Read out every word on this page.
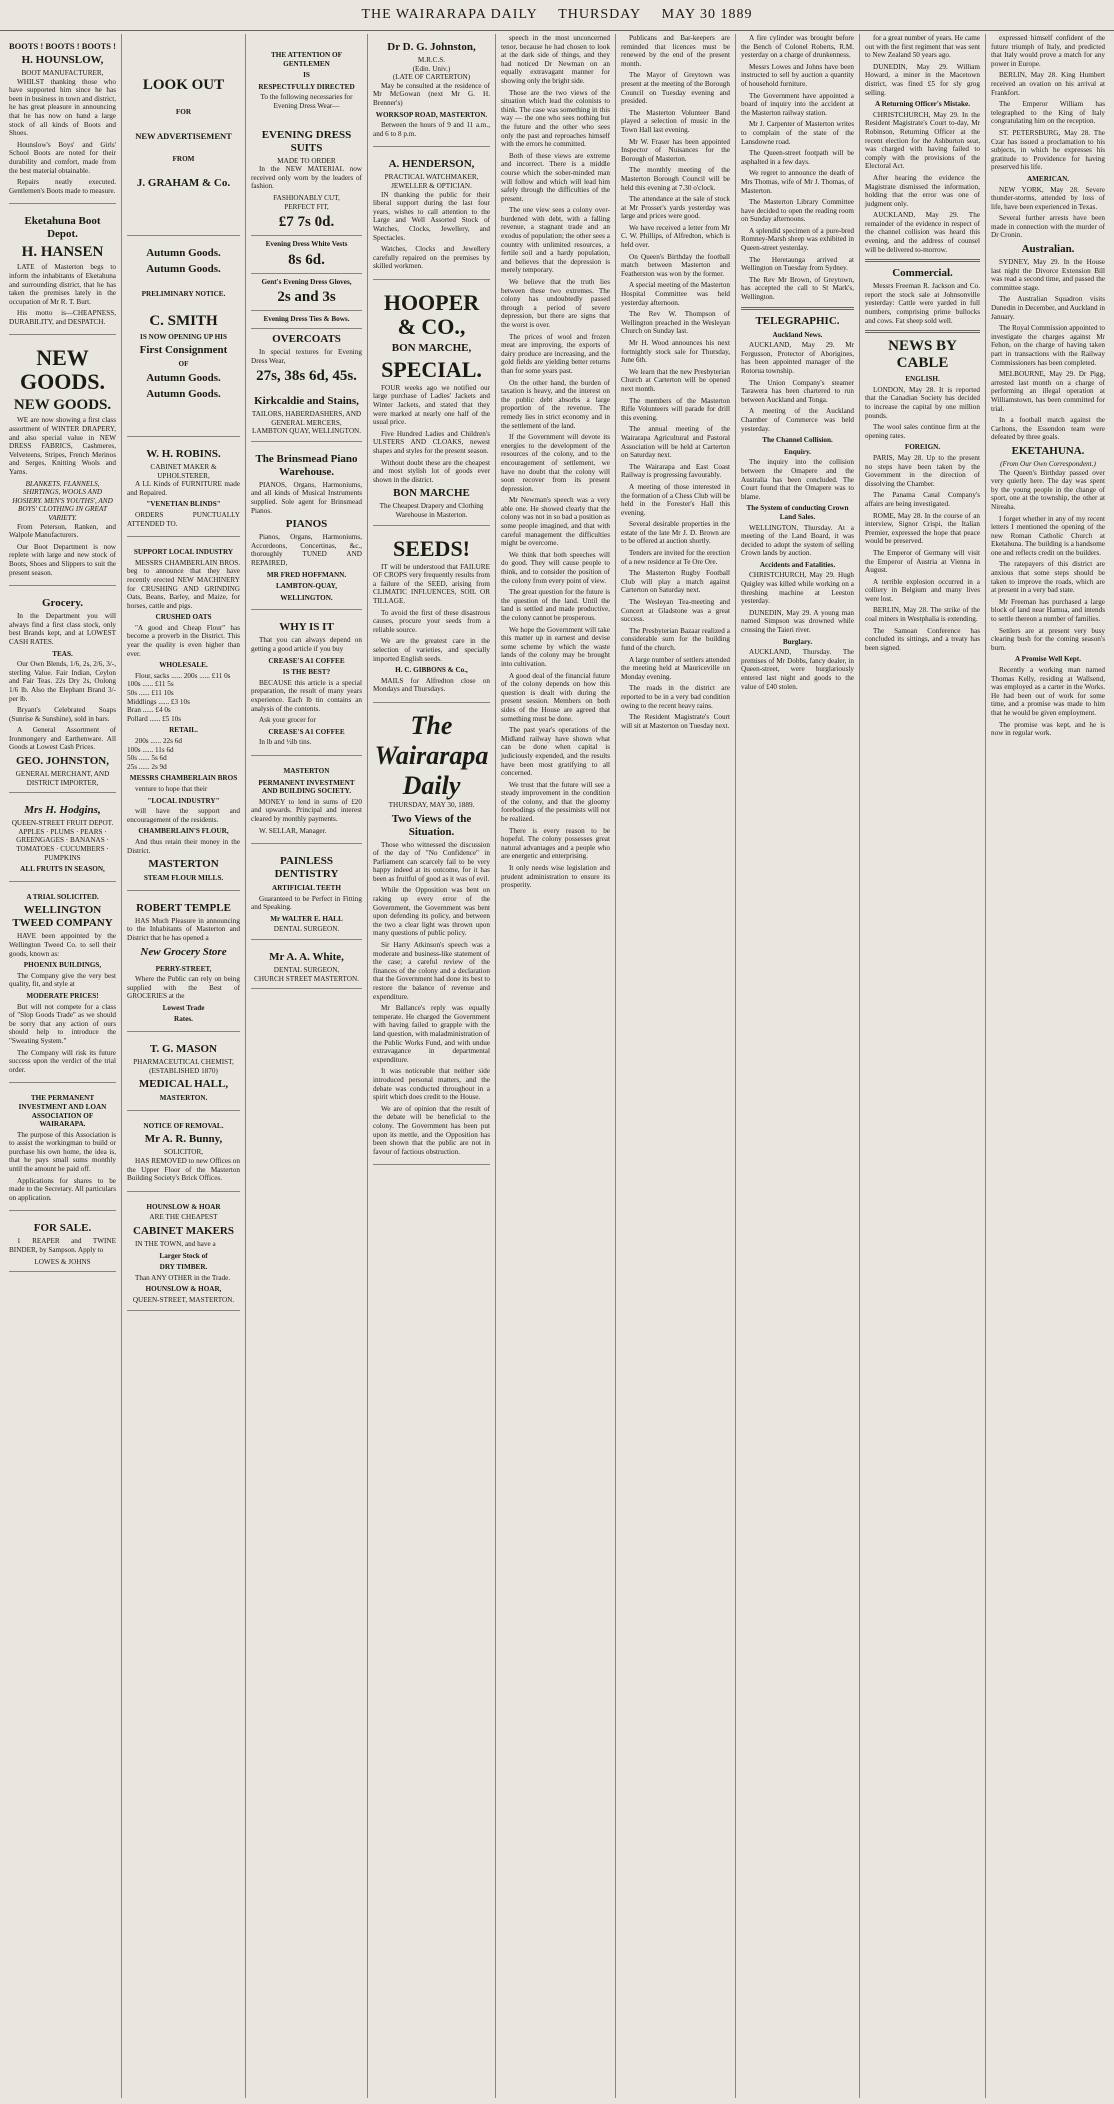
THE WAIRARAPA DAILY THURSDAY MAY 30 1889
BOOTS ! BOOTS ! BOOTS !
H. HOUNSLOW,
BOOT MANUFACTURER,

WHILST thanking those who have supported him since he has been in business in town and district, he has great pleasure in announcing that he has now on hand a large stock of all kinds of Boots and Shoes.

Hounslow's Boys' and Girls' School Boots are noted for their durability and comfort, made from the best material obtainable.

Repairs neatly executed. Gentlemen's Boots made to measure.

Eketahuna Boot Depot.
H. HANSEN

LATE of Masterton begs to inform the inhabitants of Eketahuna and surrounding district, that he has taken the premises lately in the occupation of Mr R. T. Burt.

His motto is—CHEAPNESS, DURABILITY, and DESPATCH.

NEW GOODS.
NEW GOODS.

WE are now showing a first class assortment of WINTER DRAPERY, and also special value in NEW DRESS FABRICS, Cashmeres, Velveteens, Stripes, French Merinos and Serges, Knitting Wools and Yarns.

BLANKETS. FLANNELS, SHIRTINGS, WOOLS AND HOSIERY. MEN'S YOUTHS', AND BOYS' CLOTHING IN GREAT VARIETY.

From Peterson, Ranken, and Walpole Manufacturers.

Our Boot Department is now replete with large and new stock of Boots, Shoes and Slippers to suit the present season.

Grocery.

In the Department you will always find a first class stock, only best Brands kept, and at LOWEST CASH RATES.

TEAS.

Our Own Blends, 1/6, 2s, 2/6, 3/-, sterling Value. Fair Indian, Ceylon and Fair Teas. 22s Dry 2s, Oolong 1/6 lb. Also the Elephant Brand 3/- per lb.

Bryant's Celebrated Soaps (Sunrise & Sunshine), sold in bars.

A General Assortment of Ironmongery and Earthenware. All Goods at Lowest Cash Prices.

GEO. JOHNSTON,
GENERAL MERCHANT, AND DISTRICT IMPORTER,
Mrs H. Hodgins,
QUEEN-STREET FRUIT DEPOT.
APPLES · PLUMS · PEARS · GREENGAGES · BANANAS · TOMATOES · CUCUMBERS · PUMPKINS
ALL FRUITS IN SEASON,
A TRIAL SOLICITED.
WELLINGTON TWEED COMPANY

HAVE been appointed by the Wellington Tweed Co. to sell their goods, known as:

PHOENIX BUILDINGS,

The Company give the very best quality, fit, and style at

MODERATE PRICES!

But will not compete for a class of "Slop Goods Trade" as we should be sorry that any action of ours should help to introduce the "Sweating System."

The Company will risk its future success upon the verdict of the trial order.

THE PERMANENT INVESTMENT AND LOAN ASSOCIATION OF WAIRARAPA.

The purpose of this Association is to assist the workingman to build or purchase his own home, the idea is, that he pays small sums monthly until the amount be paid off.

Applications for shares to be made to the Secretary. All particulars on application.

FOR SALE.

1 REAPER and TWINE BINDER, by Sampson. Apply to

LOWES & JOHNS
LOOK OUT
FOR
NEW ADVERTISEMENT
FROM
J. GRAHAM & Co.
Autumn Goods.
Autumn Goods.
PRELIMINARY NOTICE.
C. SMITH
IS NOW OPENING UP HIS
First Consignment
OF
Autumn Goods.
Autumn Goods.
W. H. ROBINS.
CABINET MAKER & UPHOLSTERER,

A LL Kinds of FURNITURE made and Repaired.

"VENETIAN BLINDS"

ORDERS PUNCTUALLY ATTENDED TO.

SUPPORT LOCAL INDUSTRY

MESSRS CHAMBERLAIN BROS. beg to announce that they have recently erected NEW MACHINERY for CRUSHING AND GRINDING Oats, Beans, Barley, and Maize, for horses, cattle and pigs.

CRUSHED OATS

"A good and Cheap Flour" has become a proverb in the District. This year the quality is even higher than ever.

WHOLESALE.

Flour, sacks ...... 200s ...... £11 0s
100s ...... £11 5s
50s ...... £11 10s
Middlings ...... £3 10s
Bran ...... £4 0s
Pollard ...... £5 10s

RETAIL.

200s ...... 22s 6d
100s ...... 11s 6d
50s ...... 5s 6d
25s ...... 2s 9d

MESSRS CHAMBERLAIN BROS

venture to hope that their

"LOCAL INDUSTRY"

will have the support and encouragement of the residents.

CHAMBERLAIN'S FLOUR,

And thus retain their money in the District.

MASTERTON
STEAM FLOUR MILLS.
ROBERT TEMPLE

HAS Much Pleasure in announcing to the Inhabitants of Masterton and District that he has opened a

New Grocery Store
PERRY-STREET,

Where the Public can rely on being supplied with the Best of GROCERIES at the

Lowest Trade
Rates.
T. G. MASON
PHARMACEUTICAL CHEMIST,
(ESTABLISHED 1870)
MEDICAL HALL,
MASTERTON.
NOTICE OF REMOVAL.
Mr A. R. Bunny,
SOLICITOR,

HAS REMOVED to new Offices on the Upper Floor of the Masterton Building Society's Brick Offices.

HOUNSLOW & HOAR
ARE THE CHEAPEST
CABINET MAKERS

IN THE TOWN, and have a

Larger Stock of
DRY TIMBER.

Than ANY OTHER in the Trade.

HOUNSLOW & HOAR,
QUEEN-STREET, MASTERTON.
THE ATTENTION OF GENTLEMEN
IS
RESPECTFULLY DIRECTED
To the following necessaries for Evening Dress Wear—
EVENING DRESS SUITS
MADE TO ORDER

In the NEW MATERIAL now received only worn by the leaders of fashion.

FASHIONABLY CUT,
PERFECT FIT,
£7 7s 0d.
Evening Dress White Vests
8s 6d.
Gent's Evening Dress Gloves,
2s and 3s
Evening Dress Ties & Bows.
OVERCOATS

In special textures for Evening Dress Wear,

27s, 38s 6d, 45s.
Kirkcaldie and Stains,
TAILORS, HABERDASHERS, AND GENERAL MERCERS,
LAMBTON QUAY, WELLINGTON.
The Brinsmead Piano Warehouse.

PIANOS, Organs, Harmoniums, and all kinds of Musical Instruments supplied. Sole agent for Brinsmead Pianos.

PIANOS

Pianos, Organs, Harmoniums, Accordeons, Concertinas, &c., thoroughly TUNED AND REPAIRED,

MR FRED HOFFMANN.
LAMBTON-QUAY,
WELLINGTON.
WHY IS IT

That you can always depend on getting a good article if you buy

CREASE'S A1 COFFEE
IS THE BEST?

BECAUSE this article is a special preparation, the result of many years experience. Each lb tin contains an analysis of the contents.

Ask your grocer for

CREASE'S A1 COFFEE

In lb and ½lb tins.

MASTERTON
PERMANENT INVESTMENT AND BUILDING SOCIETY.

MONEY to lend in sums of £20 and upwards. Principal and interest cleared by monthly payments.

W. SELLAR, Manager.

PAINLESS DENTISTRY
ARTIFICIAL TEETH

Guaranteed to be Perfect in Fitting and Speaking.

Mr WALTER E. HALL
DENTAL SURGEON.
Mr A. A. White,
DENTAL SURGEON,
CHURCH STREET MASTERTON.
Dr D. G. Johnston,
M.R.C.S.
(Edin. Univ.)
(LATE OF CARTERTON)

May be consulted at the residence of Mr McGowan (next Mr G. H. Brenner's)

WORKSOP ROAD, MASTERTON.

Between the hours of 9 and 11 a.m., and 6 to 8 p.m.

A. HENDERSON,
PRACTICAL WATCHMAKER, JEWELLER & OPTICIAN.

IN thanking the public for their liberal support during the last four years, wishes to call attention to the Large and Well Assorted Stock of Watches, Clocks, Jewellery, and Spectacles.

Watches, Clocks and Jewellery carefully repaired on the premises by skilled workmen.

HOOPER & CO.,
BON MARCHE,
SPECIAL.

FOUR weeks ago we notified our large purchase of Ladies' Jackets and Winter Jackets, and stated that they were marked at nearly one half of the usual price.

Five Hundred Ladies and Children's ULSTERS AND CLOAKS, newest shapes and styles for the present season.

Without doubt these are the cheapest and most stylish lot of goods ever shown in the district.

BON MARCHE
The Cheapest Drapery and Clothing Warehouse in Masterton.
SEEDS!

IT will be understood that FAILURE OF CROPS very frequently results from a failure of the SEED, arising from CLIMATIC INFLUENCES, SOIL OR TILLAGE.

To avoid the first of these disastrous causes, procure your seeds from a reliable source.

We are the greatest care in the selection of varieties, and specially imported English seeds.

H. C. GIBBONS & Co.,

MAILS for Alfredton close on Mondays and Thursdays.

The Wairarapa Daily
THURSDAY, MAY 30, 1889.
Two Views of the Situation.

Those who witnessed the discussion of the day of "No Confidence" in Parliament can scarcely fail to be very happy indeed at its outcome, for it has been as fruitful of good as it was of evil.

While the Opposition was bent on raking up every error of the Government, the Government was bent upon defending its policy, and between the two a clear light was thrown upon many questions of public policy.

Sir Harry Atkinson's speech was a moderate and business-like statement of the case; a careful review of the finances of the colony and a declaration that the Government had done its best to restore the balance of revenue and expenditure.

Mr Ballance's reply was equally temperate. He charged the Government with having failed to grapple with the land question, with maladministration of the Public Works Fund, and with undue extravagance in departmental expenditure.

It was noticeable that neither side introduced personal matters, and the debate was conducted throughout in a spirit which does credit to the House.

We are of opinion that the result of the debate will be beneficial to the colony. The Government has been put upon its mettle, and the Opposition has been shown that the public are not in favour of factious obstruction.

speech in the most unconcerned tenor, because he had chosen to look at the dark side of things, and they had noticed Dr Newman on an equally extravagant manner for showing only the bright side.

Those are the two views of the situation which lead the colonists to think. The case was something in this way — the one who sees nothing but the future and the other who sees only the past and reproaches himself with the errors he committed.

Both of these views are extreme and incorrect. There is a middle course which the sober-minded man will follow and which will lead him safely through the difficulties of the present.

The one view sees a colony over-burdened with debt, with a falling revenue, a stagnant trade and an exodus of population; the other sees a country with unlimited resources, a fertile soil and a hardy population, and believes that the depression is merely temporary.

We believe that the truth lies between these two extremes. The colony has undoubtedly passed through a period of severe depression, but there are signs that the worst is over.

The prices of wool and frozen meat are improving, the exports of dairy produce are increasing, and the gold fields are yielding better returns than for some years past.

On the other hand, the burden of taxation is heavy, and the interest on the public debt absorbs a large proportion of the revenue. The remedy lies in strict economy and in the settlement of the land.

If the Government will devote its energies to the development of the resources of the colony, and to the encouragement of settlement, we have no doubt that the colony will soon recover from its present depression.

Mr Newman's speech was a very able one. He showed clearly that the colony was not in so bad a position as some people imagined, and that with careful management the difficulties might be overcome.

We think that both speeches will do good. They will cause people to think, and to consider the position of the colony from every point of view.

The great question for the future is the question of the land. Until the land is settled and made productive, the colony cannot be prosperous.

We hope the Government will take this matter up in earnest and devise some scheme by which the waste lands of the colony may be brought into cultivation.

A good deal of the financial future of the colony depends on how this question is dealt with during the present session. Members on both sides of the House are agreed that something must be done.

The past year's operations of the Midland railway have shown what can be done when capital is judiciously expended, and the results have been most gratifying to all concerned.

We trust that the future will see a steady improvement in the condition of the colony, and that the gloomy forebodings of the pessimists will not be realized.

There is every reason to be hopeful. The colony possesses great natural advantages and a people who are energetic and enterprising.

It only needs wise legislation and prudent administration to ensure its prosperity.

Publicans and Bar-keepers are reminded that licences must be renewed by the end of the present month.

The Mayor of Greytown was present at the meeting of the Borough Council on Tuesday evening and presided.

The Masterton Volunteer Band played a selection of music in the Town Hall last evening.

Mr W. Fraser has been appointed Inspector of Nuisances for the Borough of Masterton.

The monthly meeting of the Masterton Borough Council will be held this evening at 7.30 o'clock.

The attendance at the sale of stock at Mr Prosser's yards yesterday was large and prices were good.

We have received a letter from Mr C. W. Phillips, of Alfredton, which is held over.

On Queen's Birthday the football match between Masterton and Featherston was won by the former.

A special meeting of the Masterton Hospital Committee was held yesterday afternoon.

The Rev W. Thompson of Wellington preached in the Wesleyan Church on Sunday last.

Mr H. Wood announces his next fortnightly stock sale for Thursday, June 6th.

We learn that the new Presbyterian Church at Carterton will be opened next month.

The members of the Masterton Rifle Volunteers will parade for drill this evening.

The annual meeting of the Wairarapa Agricultural and Pastoral Association will be held at Carterton on Saturday next.

The Wairarapa and East Coast Railway is progressing favourably.

A meeting of those interested in the formation of a Chess Club will be held in the Forester's Hall this evening.

Several desirable properties in the estate of the late Mr J. D. Brown are to be offered at auction shortly.

Tenders are invited for the erection of a new residence at Te Ore Ore.

The Masterton Rugby Football Club will play a match against Carterton on Saturday next.

The Wesleyan Tea-meeting and Concert at Gladstone was a great success.

The Presbyterian Bazaar realized a considerable sum for the building fund of the church.

A large number of settlers attended the meeting held at Mauriceville on Monday evening.

The roads in the district are reported to be in a very bad condition owing to the recent heavy rains.

The Resident Magistrate's Court will sit at Masterton on Tuesday next.

A fire cylinder was brought before the Bench of Colonel Roberts, R.M. yesterday on a charge of drunkenness.

Messrs Lowes and Johns have been instructed to sell by auction a quantity of household furniture.

The Government have appointed a board of inquiry into the accident at the Masterton railway station.

Mr J. Carpenter of Masterton writes to complain of the state of the Lansdowne road.

The Queen-street footpath will be asphalted in a few days.

We regret to announce the death of Mrs Thomas, wife of Mr J. Thomas, of Masterton.

The Masterton Library Committee have decided to open the reading room on Sunday afternoons.

A splendid specimen of a pure-bred Romney-Marsh sheep was exhibited in Queen-street yesterday.

The Heretaunga arrived at Wellington on Tuesday from Sydney.

The Rev Mr Brown, of Greytown, has accepted the call to St Mark's, Wellington.

TELEGRAPHIC.
Auckland News.

AUCKLAND, May 29. Mr Fergusson, Protector of Aborigines, has been appointed manager of the Rotorua township.

The Union Company's steamer Tarawera has been chartered to run between Auckland and Tonga.

A meeting of the Auckland Chamber of Commerce was held yesterday.

The Channel Collision.
Enquiry.

The inquiry into the collision between the Omapere and the Australia has been concluded. The Court found that the Omapere was to blame.

The System of conducting Crown Land Sales.

WELLINGTON, Thursday. At a meeting of the Land Board, it was decided to adopt the system of selling Crown lands by auction.

Accidents and Fatalities.

CHRISTCHURCH, May 29. Hugh Quigley was killed while working on a threshing machine at Leeston yesterday.

DUNEDIN, May 29. A young man named Simpson was drowned while crossing the Taieri river.

Burglary.

AUCKLAND, Thursday. The premises of Mr Dobbs, fancy dealer, in Queen-street, were burglariously entered last night and goods to the value of £40 stolen.

for a great number of years. He came out with the first regiment that was sent to New Zealand 50 years ago.

DUNEDIN, May 29. William Howard, a miner in the Macetown district, was fined £5 for sly grog selling.

A Returning Officer's Mistake.

CHRISTCHURCH, May 29. In the Resident Magistrate's Court to-day, Mr Robinson, Returning Officer at the recent election for the Ashburton seat, was charged with having failed to comply with the provisions of the Electoral Act.

After hearing the evidence the Magistrate dismissed the information, holding that the error was one of judgment only.

AUCKLAND, May 29. The remainder of the evidence in respect of the channel collision was heard this evening, and the address of counsel will be delivered to-morrow.

Commercial.

Messrs Freeman R. Jackson and Co. report the stock sale at Johnsonville yesterday: Cattle were yarded in full numbers, comprising prime bullocks and cows. Fat sheep sold well.

NEWS BY CABLE
ENGLISH.

LONDON, May 28. It is reported that the Canadian Society has decided to increase the capital by one million pounds.

The wool sales continue firm at the opening rates.

FOREIGN.

PARIS, May 28. Up to the present no steps have been taken by the Government in the direction of dissolving the Chamber.

The Panama Canal Company's affairs are being investigated.

ROME, May 28. In the course of an interview, Signor Crispi, the Italian Premier, expressed the hope that peace would be preserved.

The Emperor of Germany will visit the Emperor of Austria at Vienna in August.

A terrible explosion occurred in a colliery in Belgium and many lives were lost.

BERLIN, May 28. The strike of the coal miners in Westphalia is extending.

The Samoan Conference has concluded its sittings, and a treaty has been signed.

expressed himself confident of the future triumph of Italy, and predicted that Italy would prove a match for any power in Europe.

BERLIN, May 28. King Humbert received an ovation on his arrival at Frankfort.

The Emperor William has telegraphed to the King of Italy congratulating him on the reception.

ST. PETERSBURG, May 28. The Czar has issued a proclamation to his subjects, in which he expresses his gratitude to Providence for having preserved his life.

AMERICAN.

NEW YORK, May 28. Severe thunder-storms, attended by loss of life, have been experienced in Texas.

Several further arrests have been made in connection with the murder of Dr Cronin.

Australian.

SYDNEY, May 29. In the House last night the Divorce Extension Bill was read a second time, and passed the committee stage.

The Australian Squadron visits Dunedin in December, and Auckland in January.

The Royal Commission appointed to investigate the charges against Mr Fehon, on the charge of having taken part in transactions with the Railway Commissioners has been completed.

MELBOURNE, May 29. Dr Pigg, arrested last month on a charge of performing an illegal operation at Williamstown, has been committed for trial.

In a football match against the Carltons, the Essendon team were defeated by three goals.

EKETAHUNA.
(From Our Own Correspondent.)

The Queen's Birthday passed over very quietly here. The day was spent by the young people in the change of sport, one at the township, the other at Nireaha.

I forget whether in any of my recent letters I mentioned the opening of the new Roman Catholic Church at Eketahuna. The building is a handsome one and reflects credit on the builders.

The ratepayers of this district are anxious that some steps should be taken to improve the roads, which are at present in a very bad state.

Mr Freeman has purchased a large block of land near Hamua, and intends to settle thereon a number of families.

Settlers are at present very busy clearing bush for the coming season's burn.

A Promise Well Kept.

Recently a working man named Thomas Kelly, residing at Wallsend, was employed as a carter in the Works. He had been out of work for some time, and a promise was made to him that he would be given employment.

The promise was kept, and he is now in regular work.
